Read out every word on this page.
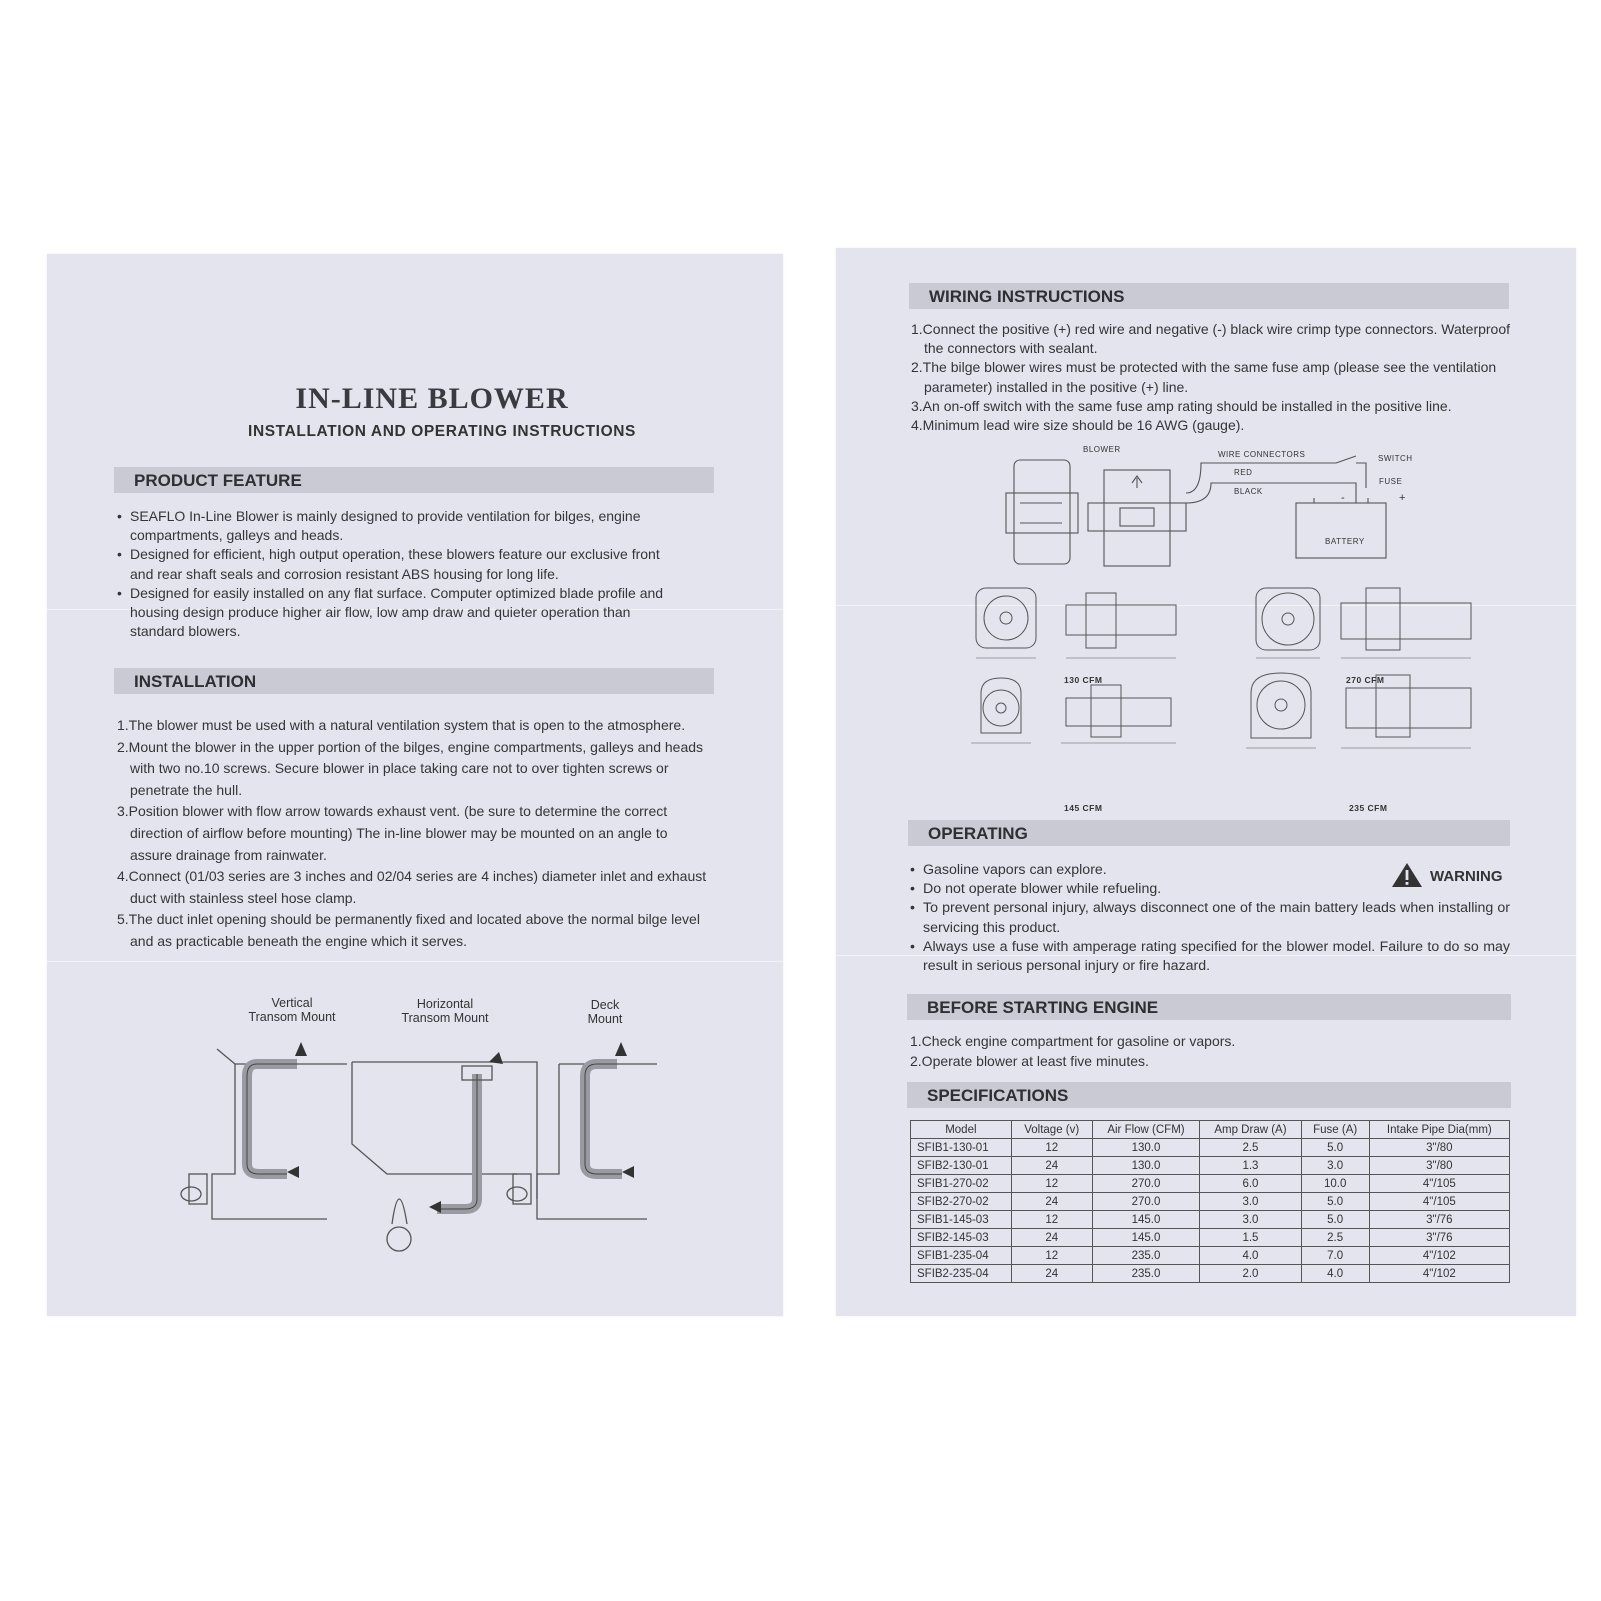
IN-LINE BLOWER
INSTALLATION AND OPERATING INSTRUCTIONS
PRODUCT FEATURE
• SEAFLO In-Line Blower is mainly designed to provide ventilation for bilges, engine compartments, galleys and heads.
• Designed for efficient, high output operation, these blowers feature our exclusive front and rear shaft seals and corrosion resistant ABS housing for long life.
• Designed for easily installed on any flat surface. Computer optimized blade profile and housing design produce higher air flow, low amp draw and quieter operation than standard blowers.
INSTALLATION
1.The blower must be used with a natural ventilation system that is open to the atmosphere.
2.Mount the blower in the upper portion of the bilges, engine compartments, galleys and heads with two no.10 screws. Secure blower in place taking care not to over tighten screws or penetrate the hull.
3.Position blower with flow arrow towards exhaust vent. (be sure to determine the correct direction of airflow before mounting) The in-line blower may be mounted on an angle to assure drainage from rainwater.
4.Connect (01/03 series are 3 inches and 02/04 series are 4 inches) diameter inlet and exhaust duct with stainless steel hose clamp.
5.The duct inlet opening should be permanently fixed and located above the normal bilge level and as practicable beneath the engine which it serves.
Vertical
Transom Mount
Horizontal
Transom Mount
Deck
Mount
WIRING INSTRUCTIONS
1.Connect the positive (+) red wire and negative (-) black wire crimp type connectors. Waterproof the connectors with sealant.
2.The bilge blower wires must be protected with the same fuse amp (please see the ventilation parameter) installed in the positive (+) line.
3.An on-off switch with the same fuse amp rating should be installed in the positive line.
4.Minimum lead wire size should be 16 AWG (gauge).
BLOWER
WIRE CONNECTORS	SWITCH
FUSE
RED
BLACK
BATTERY
-	+
130 CFM	270 CFM
145 CFM	235 CFM
OPERATING
WARNING
• Gasoline vapors can explore.
• Do not operate blower while refueling.
• To prevent personal injury, always disconnect one of the main battery leads when installing or servicing this product.
• Always use a fuse with amperage rating specified for the blower model. Failure to do so may result in serious personal injury or fire hazard.
BEFORE STARTING ENGINE
1.Check engine compartment for gasoline or vapors.
2.Operate blower at least five minutes.
SPECIFICATIONS
Model	Voltage (v)	Air Flow (CFM)	Amp Draw (A)	Fuse (A)	Intake Pipe Dia(mm)
SFIB1-130-01	12	130.0	2.5	5.0	3"/80
SFIB2-130-01	24	130.0	1.3	3.0	3"/80
SFIB1-270-02	12	270.0	6.0	10.0	4"/105
SFIB2-270-02	24	270.0	3.0	5.0	4"/105
SFIB1-145-03	12	145.0	3.0	5.0	3"/76
SFIB2-145-03	24	145.0	1.5	2.5	3"/76
SFIB1-235-04	12	235.0	4.0	7.0	4"/102
SFIB2-235-04	24	235.0	2.0	4.0	4"/102
